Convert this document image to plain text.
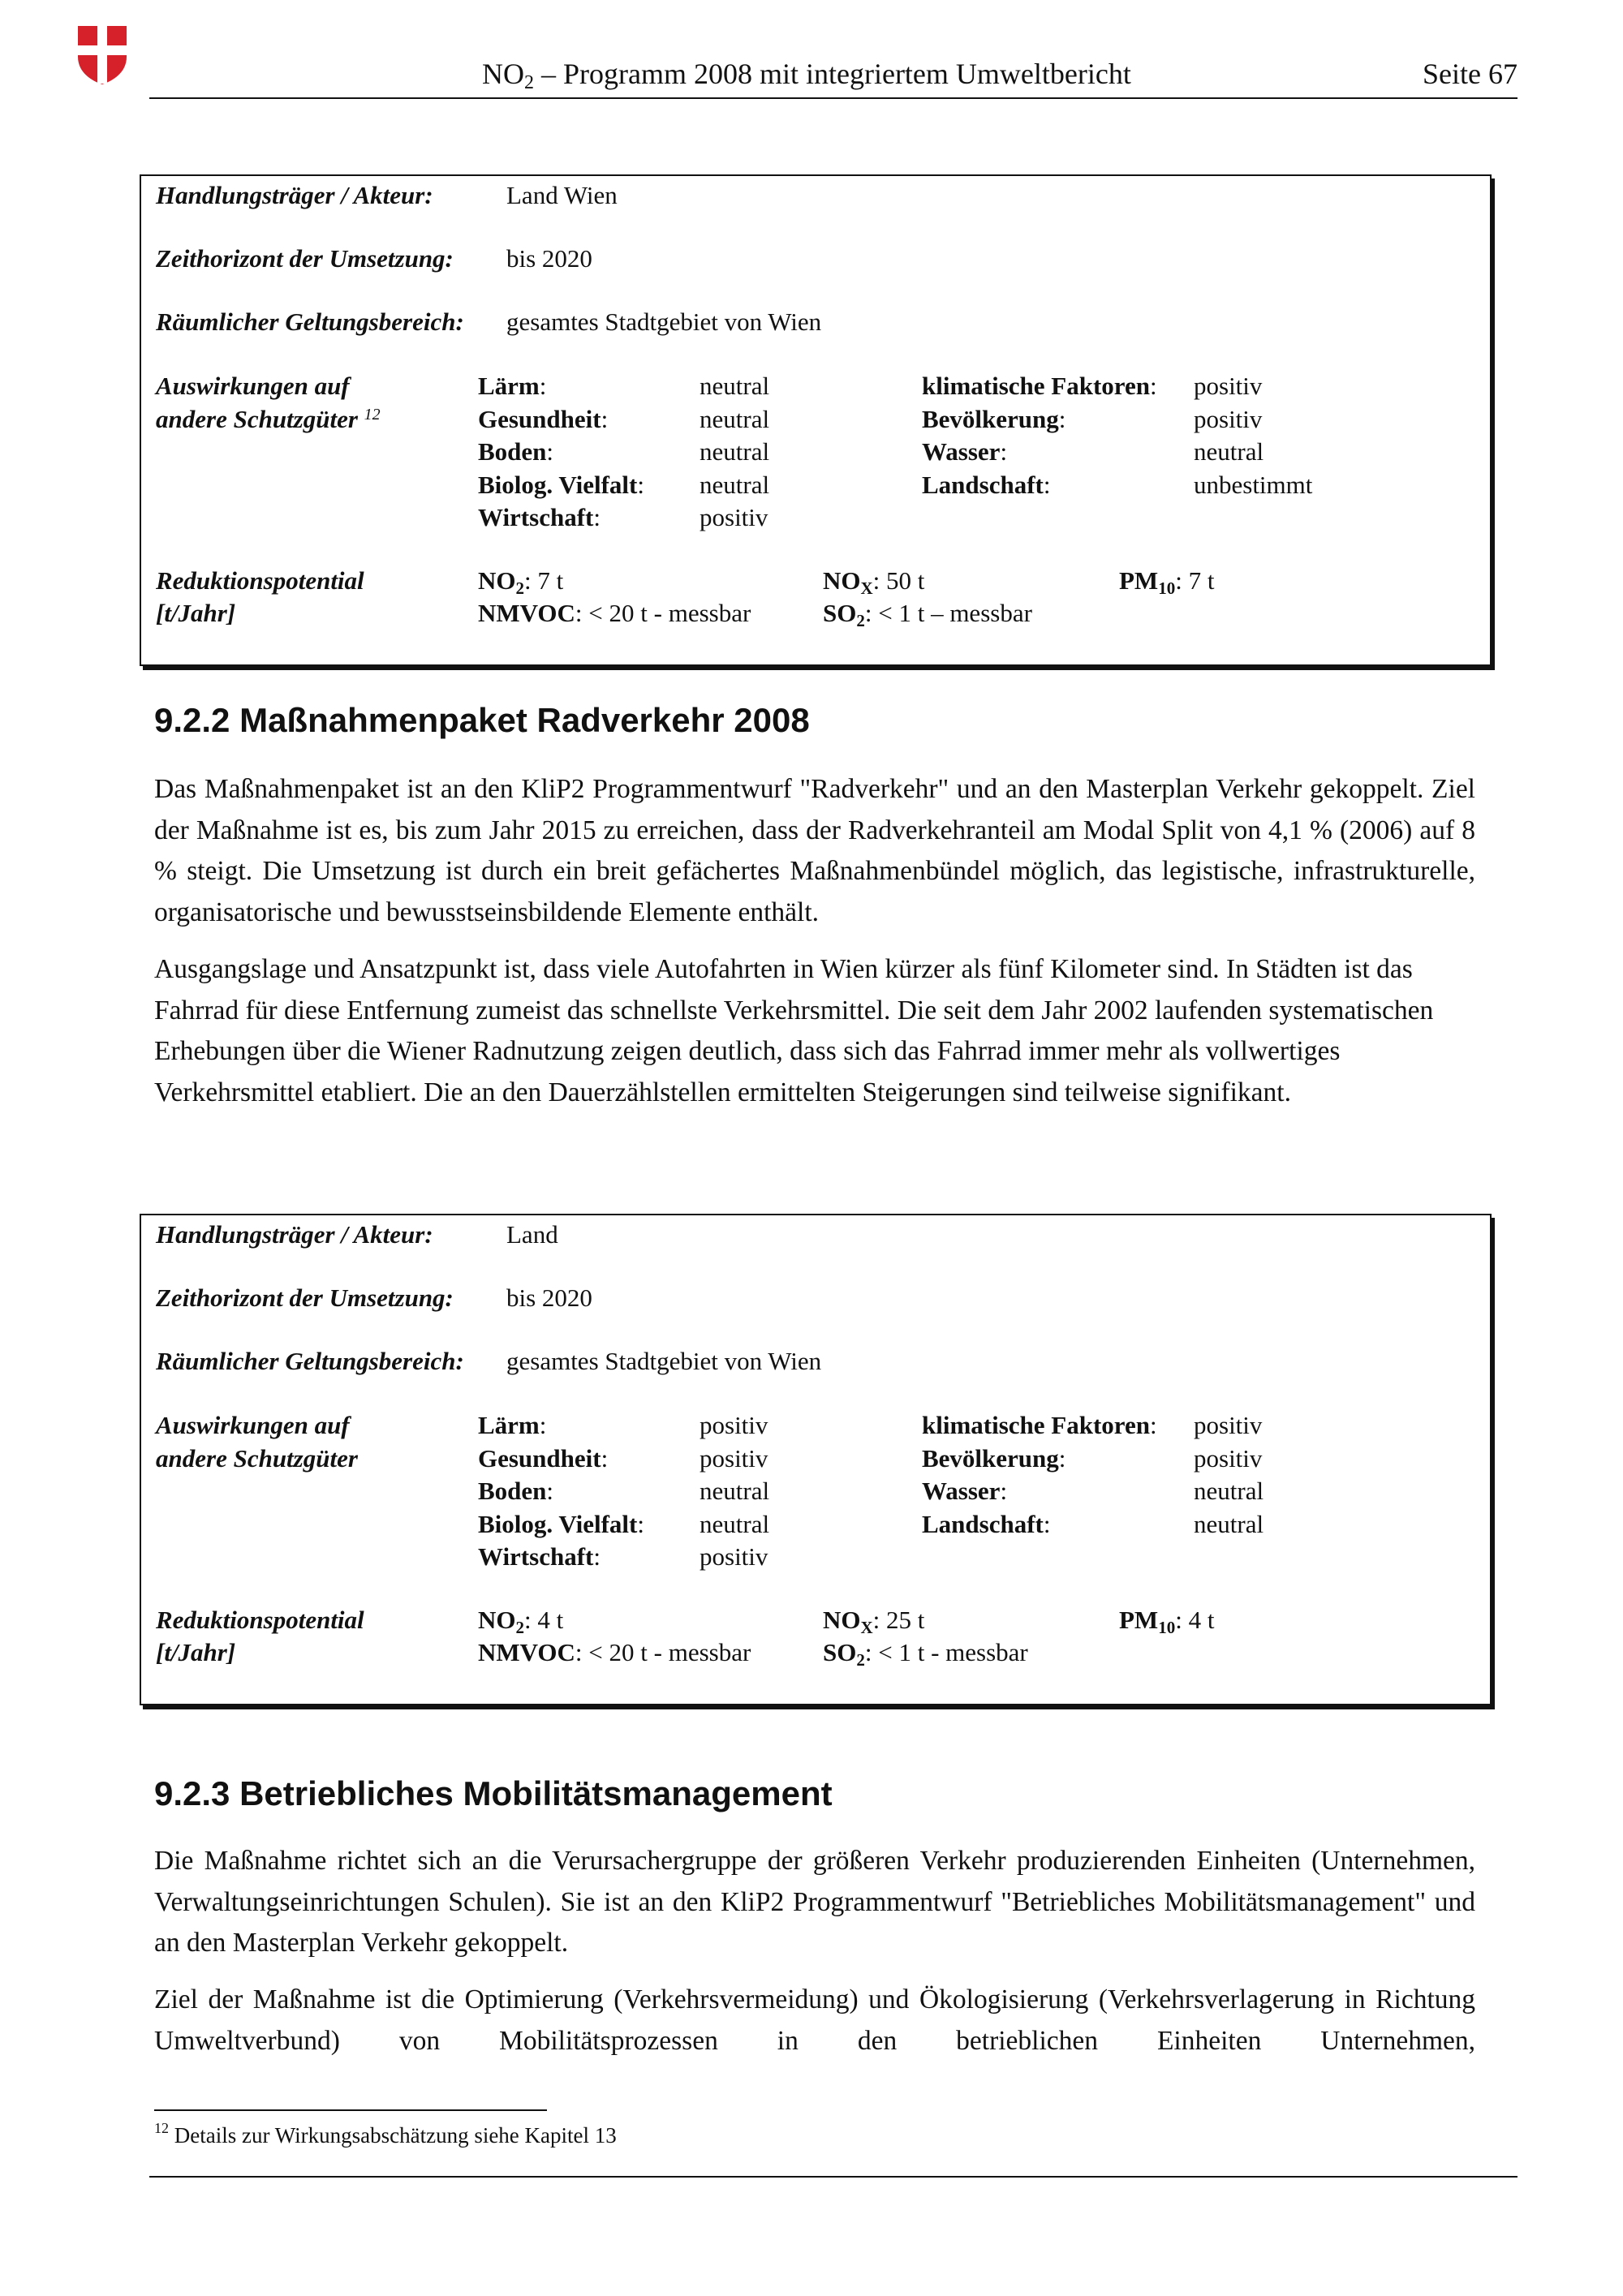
$NO_2$ – Programm 2008 mit integriertem Umweltbericht	Seite 67
Handlungsträger / Akteur:	Land Wien
Zeithorizont der Umsetzung: bis 2020
Räumlicher Geltungsbereich: gesamtes Stadtgebiet von Wien
Auswirkungen auf
andere Schutzgüter $^{12}$
Lärm:	neutral
Gesundheit:	neutral
Boden:	neutral
Biolog. Vielfalt: neutral
Wirtschaft:	positiv
klimatische Faktoren: positiv
Bevölkerung:	positiv
Wasser:	neutral
Landschaft:	unbestimmt
Reduktionspotential
[t/Jahr]
$NO_2$: 7 t	$NO_X$: 50 t	$PM_{10}$: 7 t
NMVOC: < 20 t - messbar	$SO_2$: < 1 t – messbar
9.2.2 Maßnahmenpaket Radverkehr 2008

Das Maßnahmenpaket ist an den KliP2 Programmentwurf "Radverkehr" und an den Masterplan Verkehr gekoppelt. Ziel der Maßnahme ist es, bis zum Jahr 2015 zu erreichen, dass der Radverkehranteil am Modal Split von 4,1 % (2006) auf 8 % steigt. Die Umsetzung ist durch ein breit gefächertes Maßnahmenbündel möglich, das legistische, infrastrukturelle, organisatorische und bewusstseinsbildende Elemente enthält.

Ausgangslage und Ansatzpunkt ist, dass viele Autofahrten in Wien kürzer als fünf Kilometer sind. In Städten ist das Fahrrad für diese Entfernung zumeist das schnellste Verkehrsmittel. Die seit dem Jahr 2002 laufenden systematischen Erhebungen über die Wiener Radnutzung zeigen deutlich, dass sich das Fahrrad immer mehr als vollwertiges Verkehrsmittel etabliert. Die an den Dauerzählstellen ermittelten Steigerungen sind teilweise signifikant.

Handlungsträger / Akteur:	Land
Zeithorizont der Umsetzung: bis 2020
Räumlicher Geltungsbereich: gesamtes Stadtgebiet von Wien
Auswirkungen auf
andere Schutzgüter
Lärm:	positiv
Gesundheit:	positiv
Boden:	neutral
Biolog. Vielfalt: neutral
Wirtschaft:	positiv
klimatische Faktoren: positiv
Bevölkerung:	positiv
Wasser:	neutral
Landschaft:	neutral
Reduktionspotential
[t/Jahr]
$NO_2$: 4 t	$NO_X$: 25 t	$PM_{10}$: 4 t
NMVOC: < 20 t - messbar	$SO_2$: < 1 t - messbar
9.2.3 Betriebliches Mobilitätsmanagement

Die Maßnahme richtet sich an die Verursachergruppe der größeren Verkehr produzierenden Einheiten (Unternehmen, Verwaltungseinrichtungen Schulen). Sie ist an den KliP2 Programmentwurf "Betriebliches Mobilitätsmanagement" und an den Masterplan Verkehr gekoppelt.

Ziel der Maßnahme ist die Optimierung (Verkehrsvermeidung) und Ökologisierung (Verkehrsverlagerung in Richtung Umweltverbund) von Mobilitätsprozessen in den betrieblichen Einheiten Unternehmen,

$^{12}$ Details zur Wirkungsabschätzung siehe Kapitel 13
